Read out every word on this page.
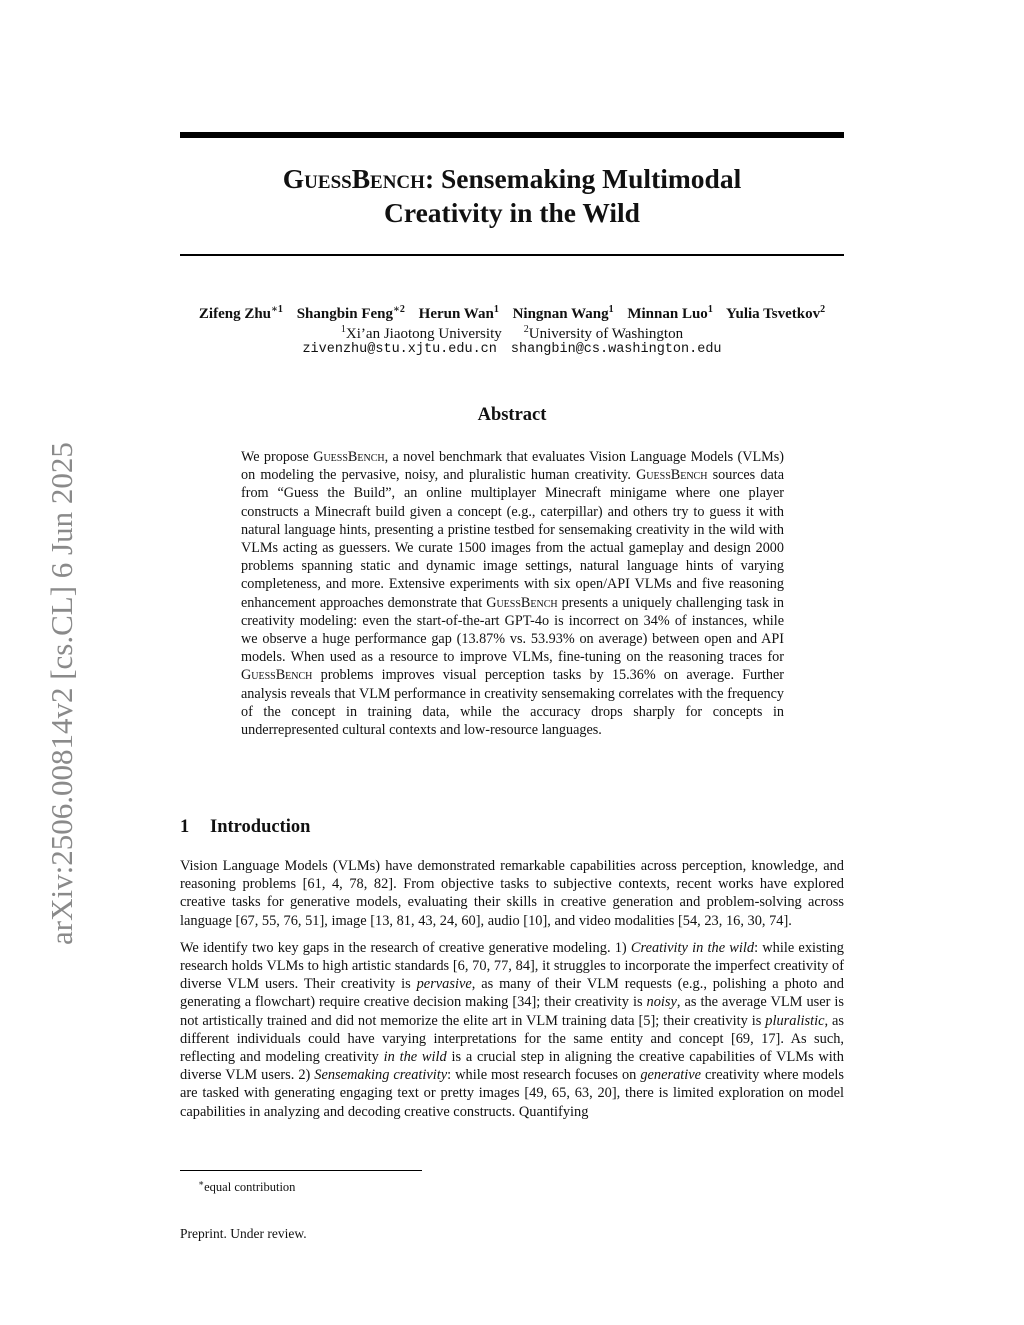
arXiv:2506.00814v2 [cs.CL] 6 Jun 2025
GuessBench: Sensemaking Multimodal
Creativity in the Wild
Zifeng Zhu$^{∗1}$ Shangbin Feng$^{∗2}$ Herun Wan$^1$ Ningnan Wang$^1$ Minnan Luo$^1$ Yulia Tsvetkov$^2$
$^1$Xi’an Jiaotong University $^2$University of Washington
zivenzhu@stu.xjtu.edu.cn shangbin@cs.washington.edu
Abstract
We propose GuessBench, a novel benchmark that evaluates Vision Language Models (VLMs) on modeling the pervasive, noisy, and pluralistic human creativity. GuessBench sources data from “Guess the Build”, an online multiplayer Minecraft minigame where one player constructs a Minecraft build given a concept (e.g., caterpillar) and others try to guess it with natural language hints, presenting a pristine testbed for sensemaking creativity in the wild with VLMs acting as guessers. We curate 1500 images from the actual gameplay and design 2000 problems spanning static and dynamic image settings, natural language hints of varying completeness, and more. Extensive experiments with six open/API VLMs and five reasoning enhancement approaches demonstrate that GuessBench presents a uniquely challenging task in creativity modeling: even the start-of-the-art GPT-4o is incorrect on 34% of instances, while we observe a huge performance gap (13.87% vs. 53.93% on average) between open and API models. When used as a resource to improve VLMs, fine-tuning on the reasoning traces for GuessBench problems improves visual perception tasks by 15.36% on average. Further analysis reveals that VLM performance in creativity sensemaking correlates with the frequency of the concept in training data, while the accuracy drops sharply for concepts in underrepresented cultural contexts and low-resource languages.
1 Introduction

Vision Language Models (VLMs) have demonstrated remarkable capabilities across perception, knowledge, and reasoning problems [61, 4, 78, 82]. From objective tasks to subjective contexts, recent works have explored creative tasks for generative models, evaluating their skills in creative generation and problem-solving across language [67, 55, 76, 51], image [13, 81, 43, 24, 60], audio [10], and video modalities [54, 23, 16, 30, 74].

We identify two key gaps in the research of creative generative modeling. 1) Creativity in the wild: while existing research holds VLMs to high artistic standards [6, 70, 77, 84], it struggles to incorporate the imperfect creativity of diverse VLM users. Their creativity is pervasive, as many of their VLM requests (e.g., polishing a photo and generating a flowchart) require creative decision making [34]; their creativity is noisy, as the average VLM user is not artistically trained and did not memorize the elite art in VLM training data [5]; their creativity is pluralistic, as different individuals could have varying interpretations for the same entity and concept [69, 17]. As such, reflecting and modeling creativity in the wild is a crucial step in aligning the creative capabilities of VLMs with diverse VLM users. 2) Sensemaking creativity: while most research focuses on generative creativity where models are tasked with generating engaging text or pretty images [49, 65, 63, 20], there is limited exploration on model capabilities in analyzing and decoding creative constructs. Quantifying

∗equal contribution
Preprint. Under review.
